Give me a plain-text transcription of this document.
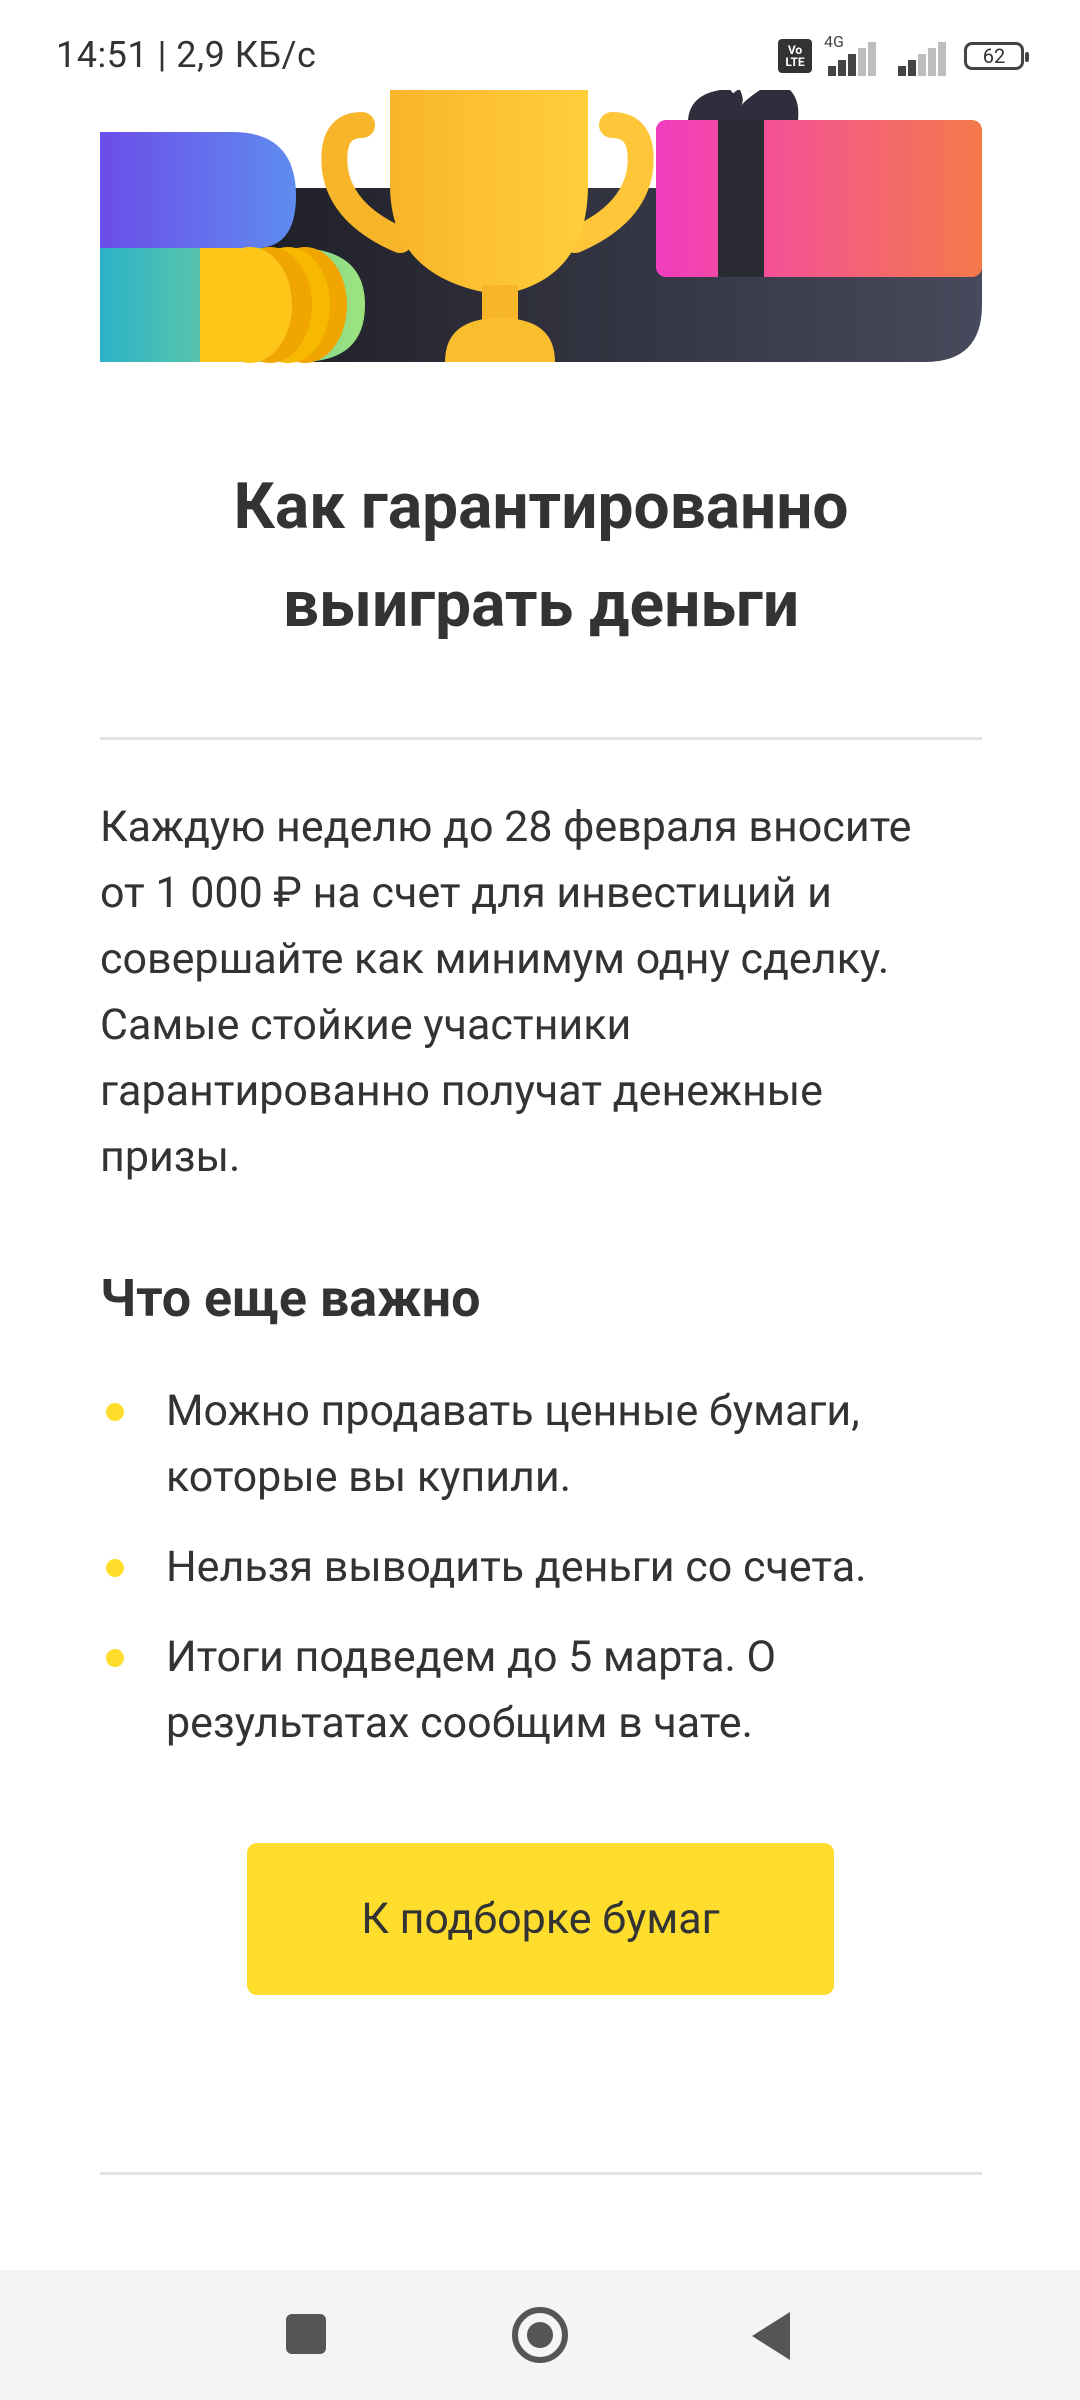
14:51 | 2,9 КБ/с	Vo
LTE
4G
62
Как гарантированно
выиграть деньги

Каждую неделю до 28 февраля вносите
от 1 000 ₽ на счет для инвестиций и
совершайте как минимум одну сделку.
Самые стойкие участники
гарантированно получат денежные
призы.

Что еще важно
Можно продавать ценные бумаги,
которые вы купили.
Нельзя выводить деньги со счета.
Итоги подведем до 5 марта. О
результатах сообщим в чате.
К подборке бумаг
